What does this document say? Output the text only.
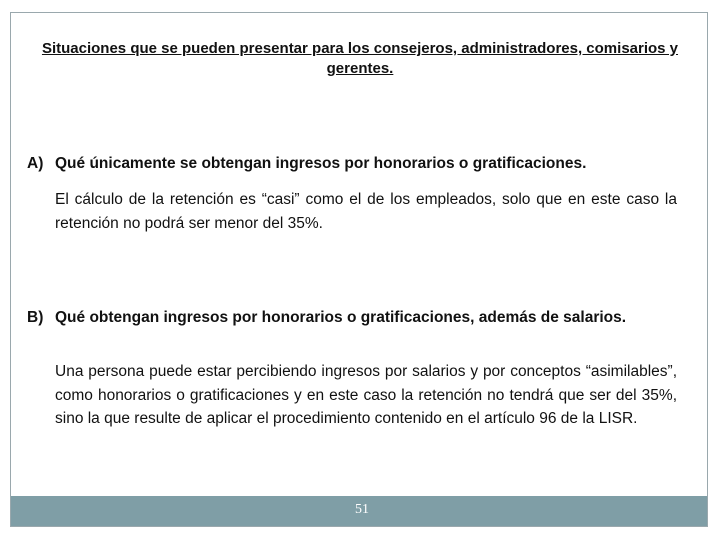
Situaciones que se pueden presentar para los consejeros, administradores, comisarios y gerentes.

A) Qué únicamente se obtengan ingresos por honorarios o gratificaciones.

El cálculo de la retención es “casi” como el de los empleados, solo que en este caso la retención no podrá ser menor del 35%.

B) Qué obtengan ingresos por honorarios o gratificaciones, además de salarios.

Una persona puede estar percibiendo ingresos por salarios y por conceptos “asimilables”, como honorarios o gratificaciones y en este caso la retención no tendrá que ser del 35%, sino la que resulte de aplicar el procedimiento contenido en el artículo 96 de la LISR.

51
